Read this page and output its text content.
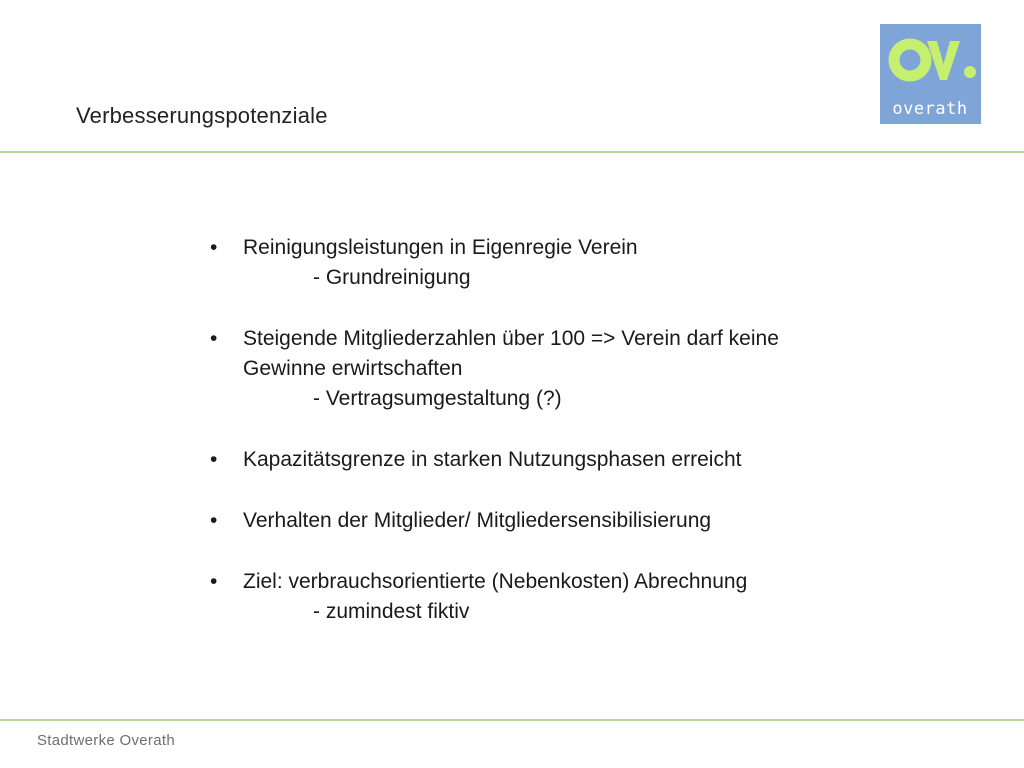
Verbesserungspotenziale	overath
•	Reinigungsleistungen in Eigenregie Verein
- Grundreinigung
•	Steigende Mitgliederzahlen über 100 => Verein darf keine
Gewinne erwirtschaften
- Vertragsumgestaltung (?)
•	Kapazitätsgrenze in starken Nutzungsphasen erreicht
•	Verhalten der Mitglieder/ Mitgliedersensibilisierung
•	Ziel: verbrauchsorientierte (Nebenkosten) Abrechnung
- zumindest fiktiv
Stadtwerke Overath
